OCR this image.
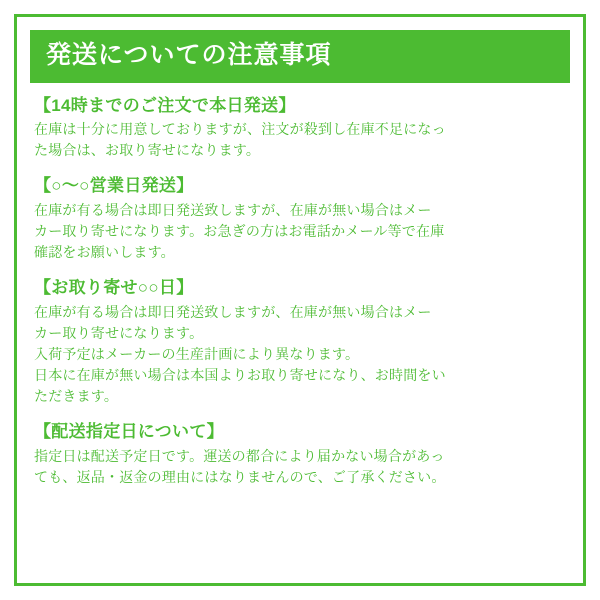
発送についての注意事項
【14時までのご注文で本日発送】

在庫は十分に用意しておりますが、注文が殺到し在庫不足になっ

た場合は、お取り寄せになります。

【○〜○営業日発送】

在庫が有る場合は即日発送致しますが、在庫が無い場合はメー

カー取り寄せになります。お急ぎの方はお電話かメール等で在庫

確認をお願いします。

【お取り寄せ○○日】

在庫が有る場合は即日発送致しますが、在庫が無い場合はメー

カー取り寄せになります。

入荷予定はメーカーの生産計画により異なります。

日本に在庫が無い場合は本国よりお取り寄せになり、お時間をい

ただきます。

【配送指定日について】

指定日は配送予定日です。運送の都合により届かない場合があっ

ても、返品・返金の理由にはなりませんので、ご了承ください。
